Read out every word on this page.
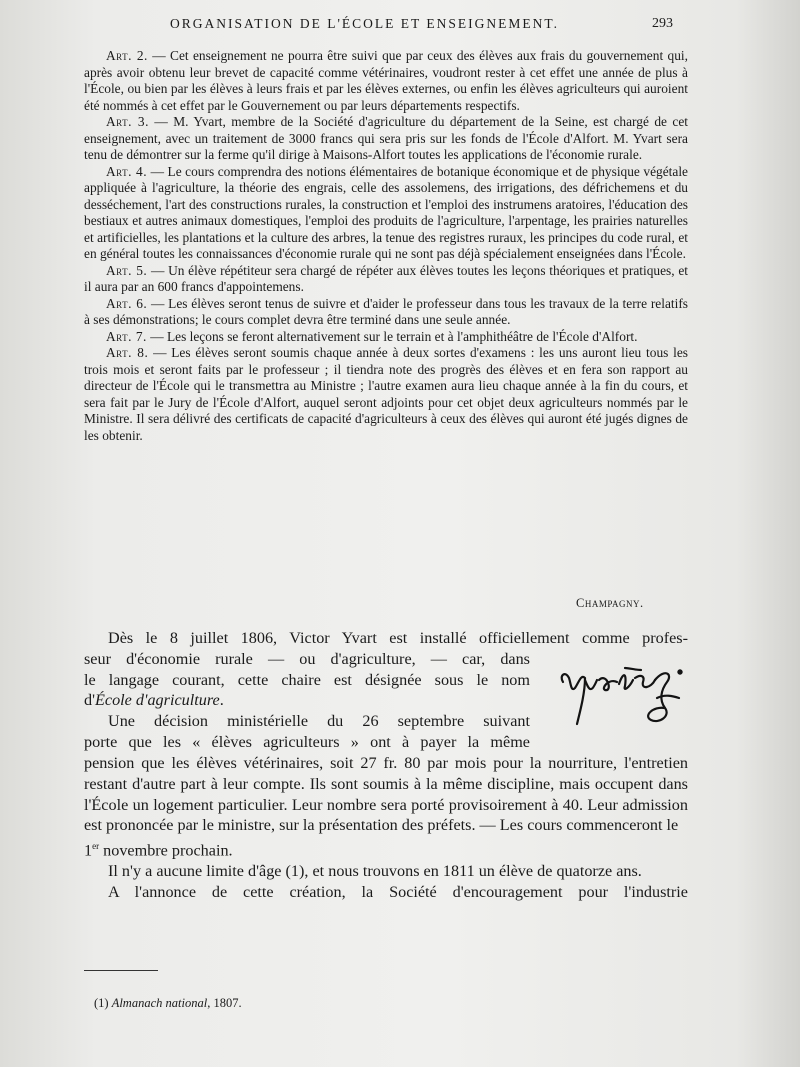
ORGANISATION DE L'ÉCOLE ET ENSEIGNEMENT.	293

Art. 2. — Cet enseignement ne pourra être suivi que par ceux des élèves aux frais du gouvernement qui, après avoir obtenu leur brevet de capacité comme vétérinaires, voudront rester à cet effet une année de plus à l'École, ou bien par les élèves à leurs frais et par les élèves externes, ou enfin les élèves agriculteurs qui auroient été nommés à cet effet par le Gouvernement ou par leurs départements respectifs.

Art. 3. — M. Yvart, membre de la Société d'agriculture du département de la Seine, est chargé de cet enseignement, avec un traitement de 3000 francs qui sera pris sur les fonds de l'École d'Alfort. M. Yvart sera tenu de démontrer sur la ferme qu'il dirige à Maisons-Alfort toutes les applications de l'économie rurale.

Art. 4. — Le cours comprendra des notions élémentaires de botanique économique et de physique végétale appliquée à l'agriculture, la théorie des engrais, celle des assolemens, des irrigations, des défrichemens et du desséchement, l'art des constructions rurales, la construction et l'emploi des instrumens aratoires, l'éducation des bestiaux et autres animaux domestiques, l'emploi des produits de l'agriculture, l'arpentage, les prairies naturelles et artificielles, les plantations et la culture des arbres, la tenue des registres ruraux, les principes du code rural, et en général toutes les connaissances d'économie rurale qui ne sont pas déjà spécialement enseignées dans l'École.

Art. 5. — Un élève répétiteur sera chargé de répéter aux élèves toutes les leçons théoriques et pratiques, et il aura par an 600 francs d'appointemens.

Art. 6. — Les élèves seront tenus de suivre et d'aider le professeur dans tous les travaux de la terre relatifs à ses démonstrations; le cours complet devra être terminé dans une seule année.

Art. 7. — Les leçons se feront alternativement sur le terrain et à l'amphithéâtre de l'École d'Alfort.

Art. 8. — Les élèves seront soumis chaque année à deux sortes d'examens : les uns auront lieu tous les trois mois et seront faits par le professeur ; il tiendra note des progrès des élèves et en fera son rapport au directeur de l'École qui le transmettra au Ministre ; l'autre examen aura lieu chaque année à la fin du cours, et sera fait par le Jury de l'École d'Alfort, auquel seront adjoints pour cet objet deux agriculteurs nommés par le Ministre. Il sera délivré des certificats de capacité d'agriculteurs à ceux des élèves qui auront été jugés dignes de les obtenir.

Champagny.

Dès le 8 juillet 1806, Victor Yvart est installé officiellement comme profes-

seur d'économie rurale — ou d'agriculture, — car, dans

le langage courant, cette chaire est désignée sous le nom

d'École d'agriculture.

Une décision ministérielle du 26 septembre suivant

porte que les « élèves agriculteurs » ont à payer la même

pension que les élèves vétérinaires, soit 27 fr. 80 par mois pour la nourriture, l'entretien restant d'autre part à leur compte. Ils sont soumis à la même discipline, mais occupent dans l'École un logement particulier. Leur nombre sera porté provisoirement à 40. Leur admission est prononcée par le ministre, sur la présentation des préfets. — Les cours commenceront le

1er novembre prochain.

Il n'y a aucune limite d'âge (1), et nous trouvons en 1811 un élève de quatorze ans.

A l'annonce de cette création, la Société d'encouragement pour l'industrie

(1) Almanach national, 1807.
